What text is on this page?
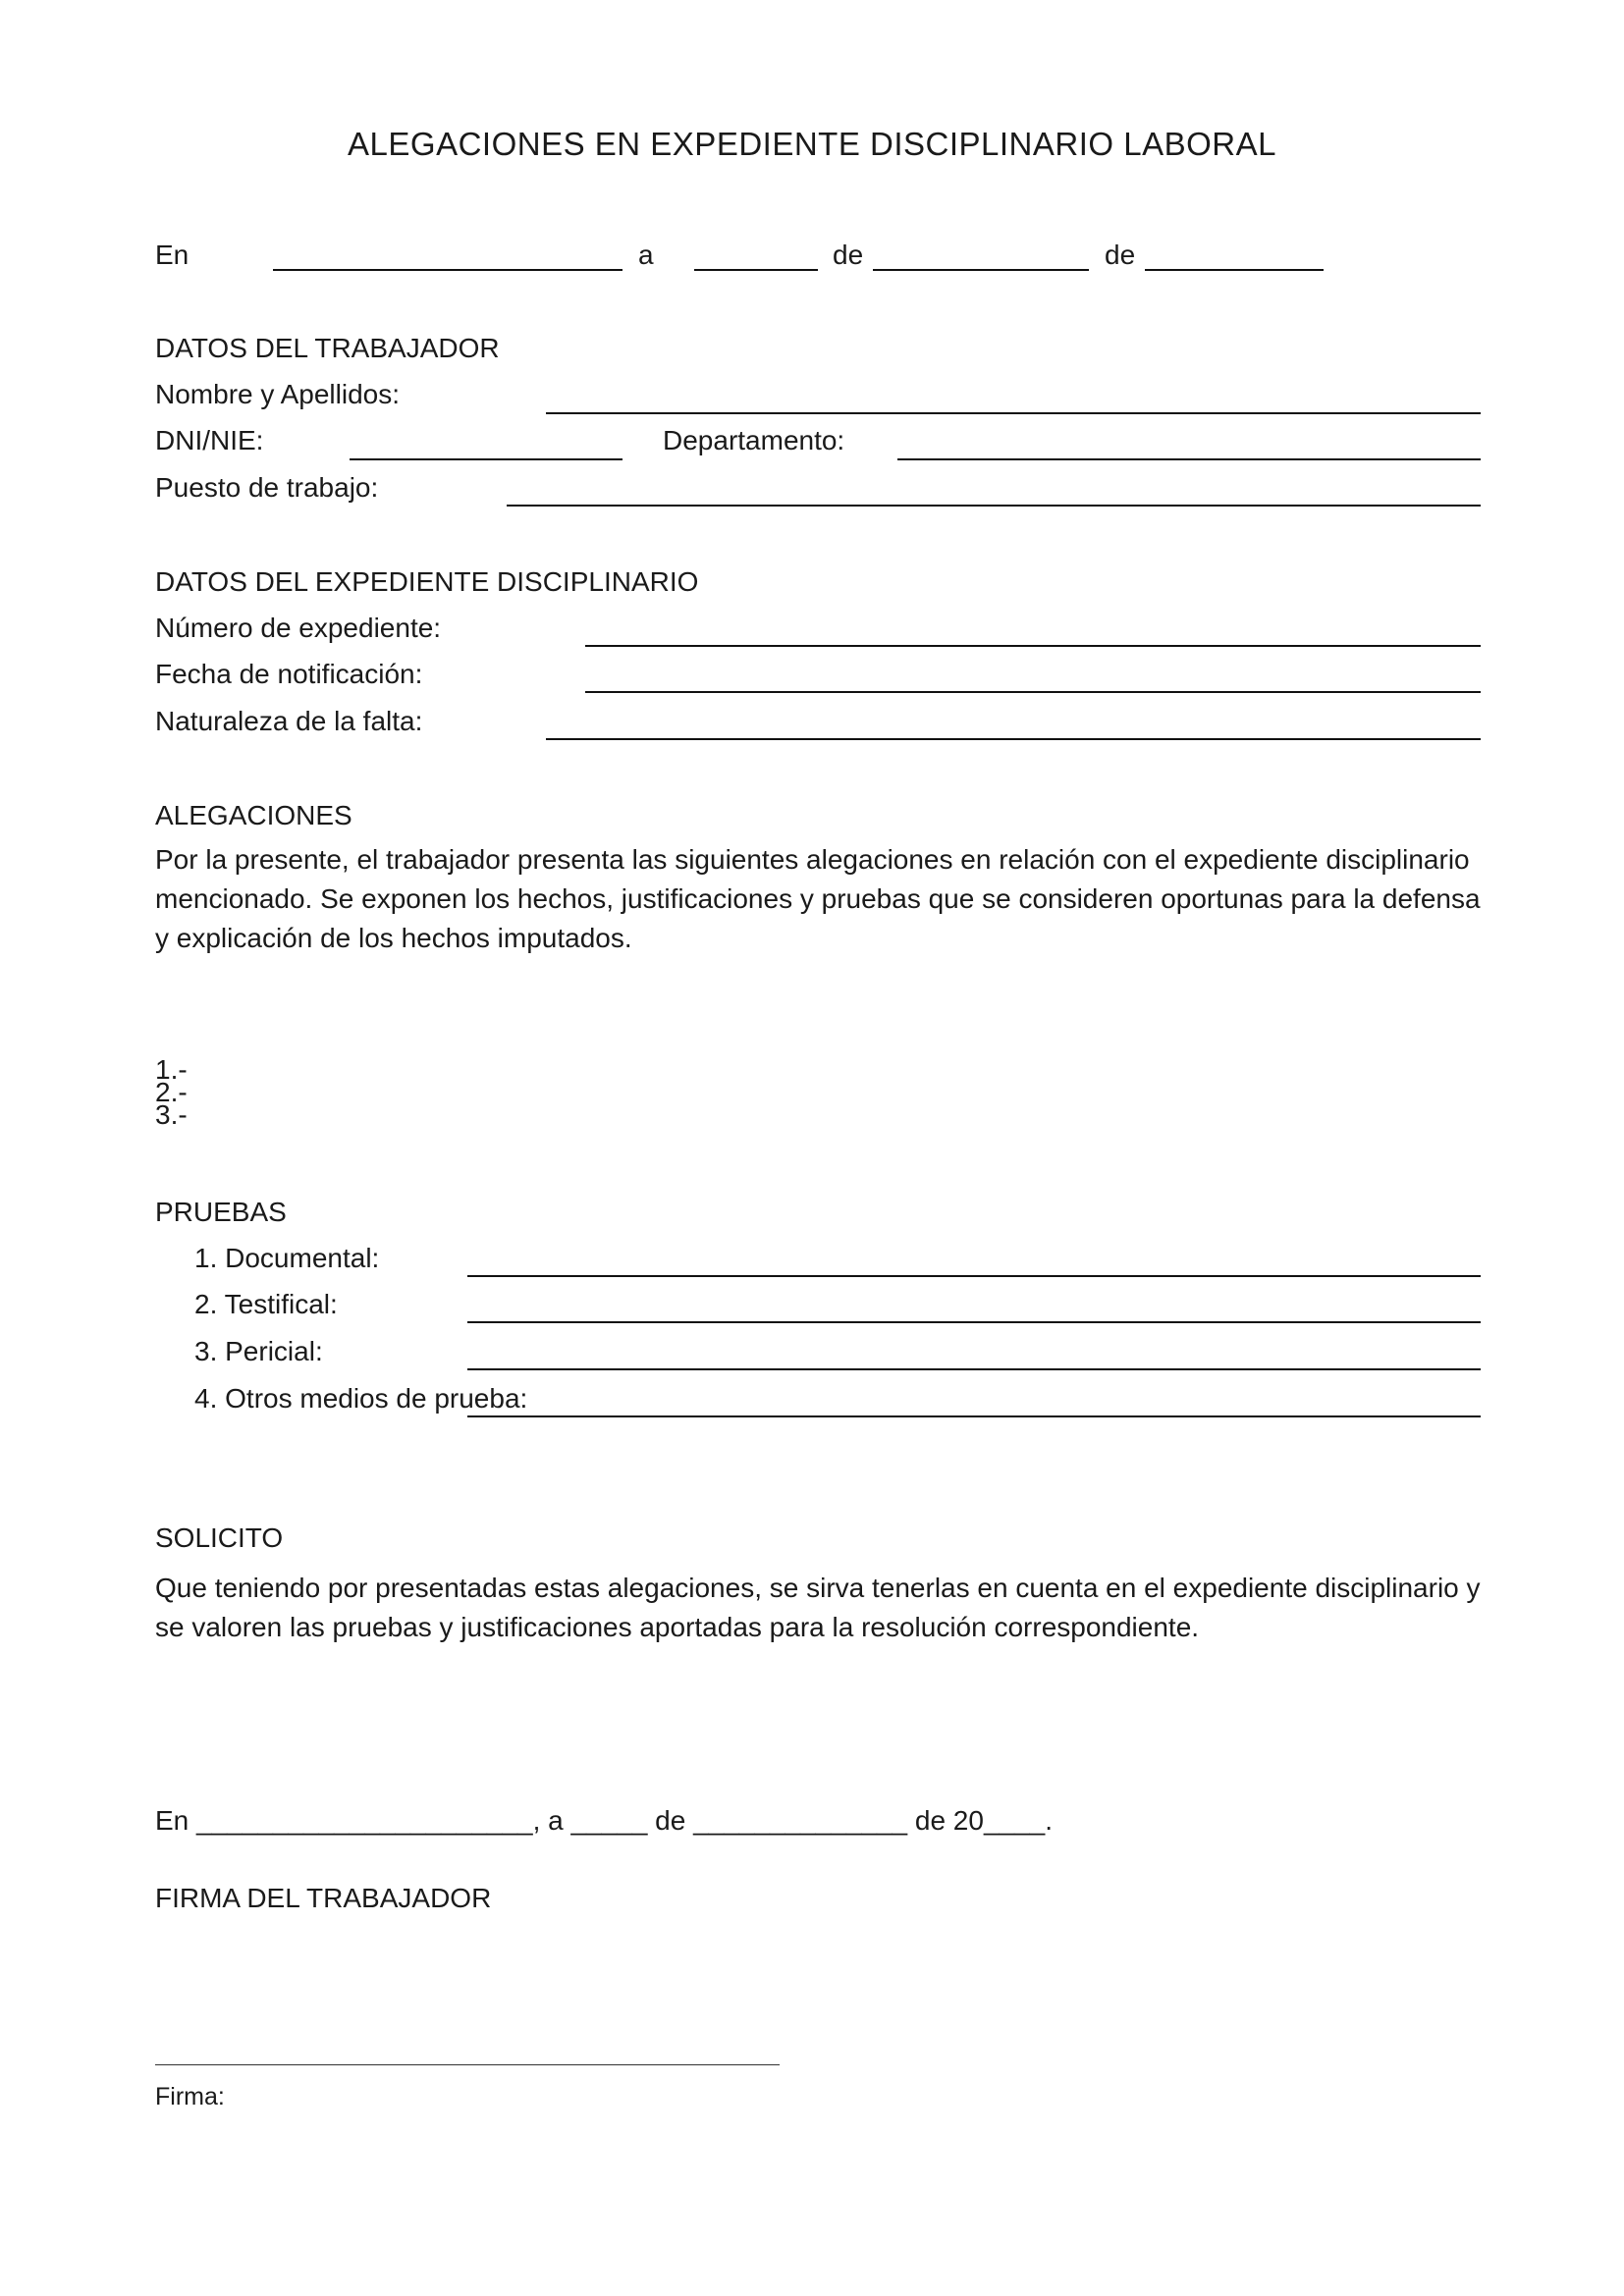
ALEGACIONES EN EXPEDIENTE DISCIPLINARIO LABORAL
En	a	de	de
DATOS DEL TRABAJADOR
Nombre y Apellidos:
DNI/NIE:	Departamento:
Puesto de trabajo:
DATOS DEL EXPEDIENTE DISCIPLINARIO
Número de expediente:
Fecha de notificación:
Naturaleza de la falta:
ALEGACIONES
Por la presente, el trabajador presenta las siguientes alegaciones en relación con el expediente disciplinario mencionado. Se exponen los hechos, justificaciones y pruebas que se consideren oportunas para la defensa y explicación de los hechos imputados.
1.-
2.-
3.-
PRUEBAS
1. Documental:
2. Testifical:
3. Pericial:
4. Otros medios de prueba:
SOLICITO
Que teniendo por presentadas estas alegaciones, se sirva tenerlas en cuenta en el expediente disciplinario y se valoren las pruebas y justificaciones aportadas para la resolución correspondiente.
En ______________________, a _____ de ______________ de 20____.
FIRMA DEL TRABAJADOR
Firma:
